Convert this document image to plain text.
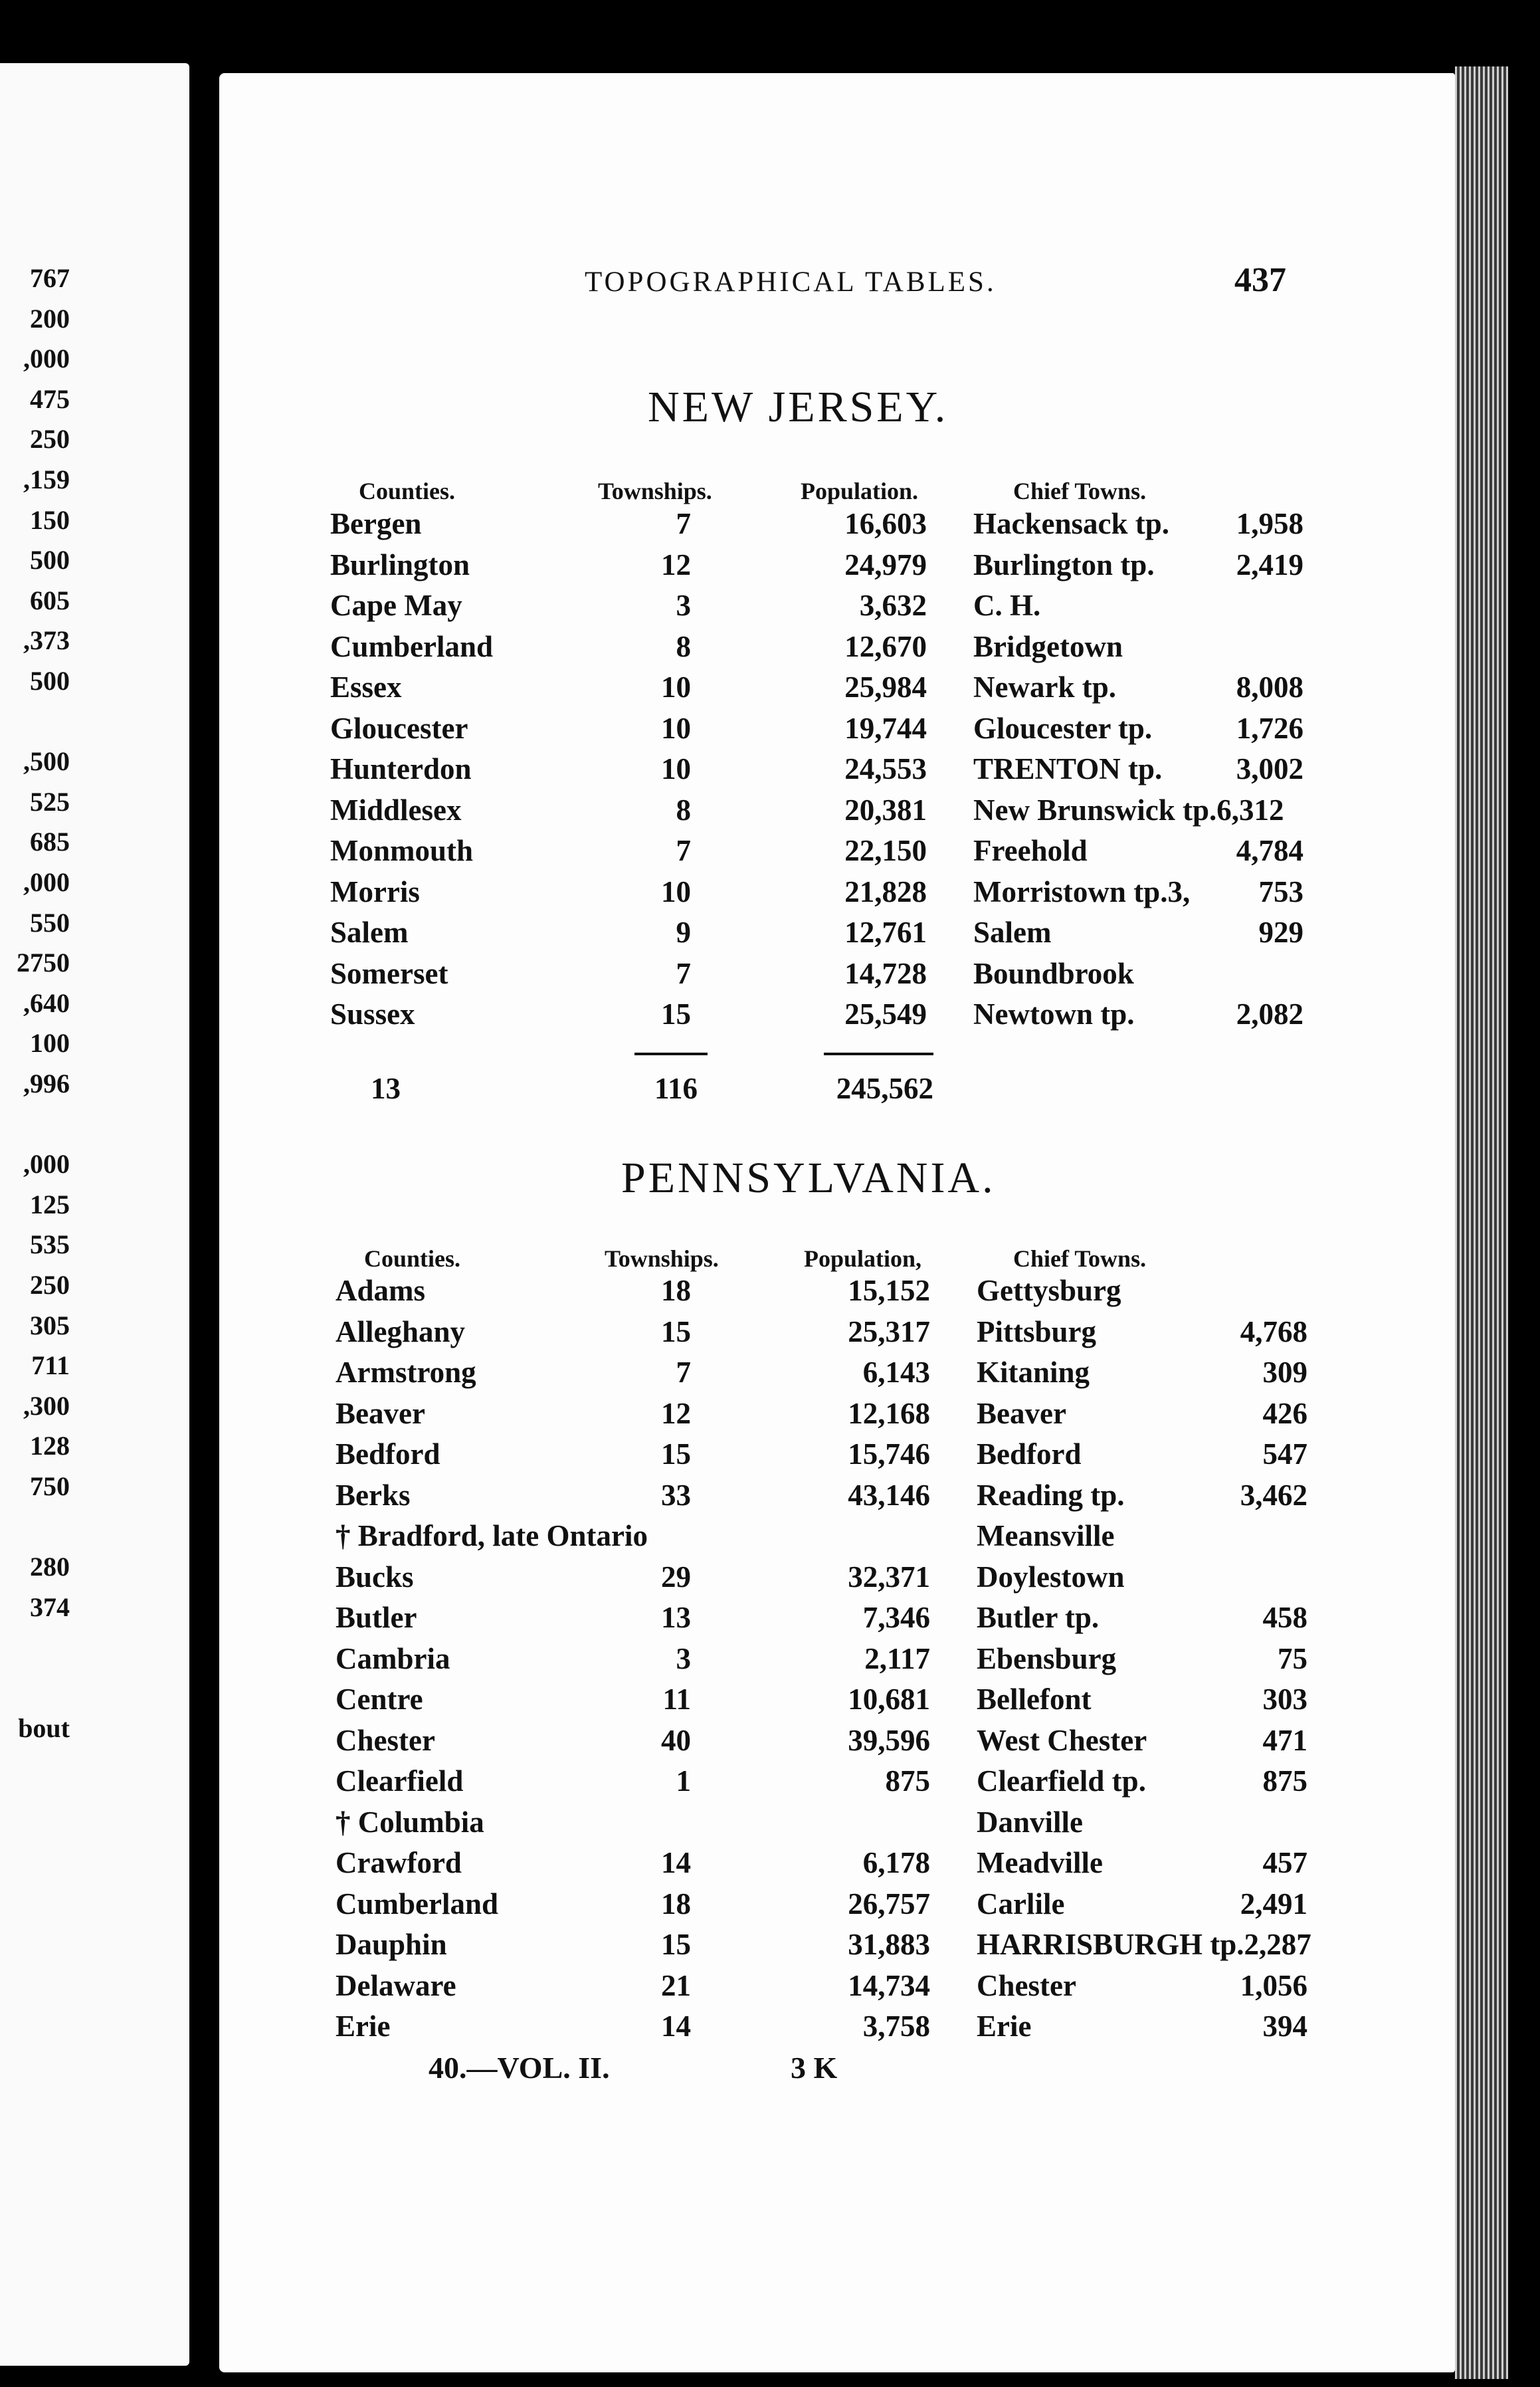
767
200
,000
475
250
,159
150
500
605
,373
500
,500
525
685
,000
550
2750
,640
100
,996
,000
125
535
250
305
711
,300
128
750
280
374
bout
TOPOGRAPHICAL TABLES.	437
NEW JERSEY.
Counties.	Townships.	Population.	Chief Towns.
Bergen	7	16,603 Hackensack tp.	1,958
Burlington	12	24,979 Burlington tp.	2,419
Cape May	3	3,632 C. H.
Cumberland	8	12,670 Bridgetown
Essex	10	25,984 Newark tp.	8,008
Gloucester	10	19,744 Gloucester tp.	1,726
Hunterdon	10	24,553 TRENTON tp.	3,002
Middlesex	8	20,381 New Brunswick tp.6,312
Monmouth	7	22,150 Freehold	4,784
Morris	10	21,828 Morristown tp.3,	753
Salem	9	12,761 Salem	929
Somerset	7	14,728 Boundbrook
Sussex	15	25,549 Newtown tp.	2,082
13	116	245,562
PENNSYLVANIA.
Counties.	Townships.	Population,	Chief Towns.
Adams	18	15,152 Gettysburg
Alleghany	15	25,317 Pittsburg	4,768
Armstrong	7	6,143 Kitaning	309
Beaver	12	12,168 Beaver	426
Bedford	15	15,746 Bedford	547
Berks	33	43,146 Reading tp.	3,462
† Bradford, late Ontario	Meansville
Bucks	29	32,371 Doylestown
Butler	13	7,346 Butler tp.	458
Cambria	3	2,117 Ebensburg	75
Centre	11	10,681 Bellefont	303
Chester	40	39,596 West Chester	471
Clearfield	1	875 Clearfield tp.	875
† Columbia	Danville
Crawford	14	6,178 Meadville	457
Cumberland	18	26,757 Carlile	2,491
Dauphin	15	31,883 HARRISBURGH tp.2,287
Delaware	21	14,734 Chester	1,056
Erie	14	3,758 Erie	394
40.—VOL. II.	3 K
